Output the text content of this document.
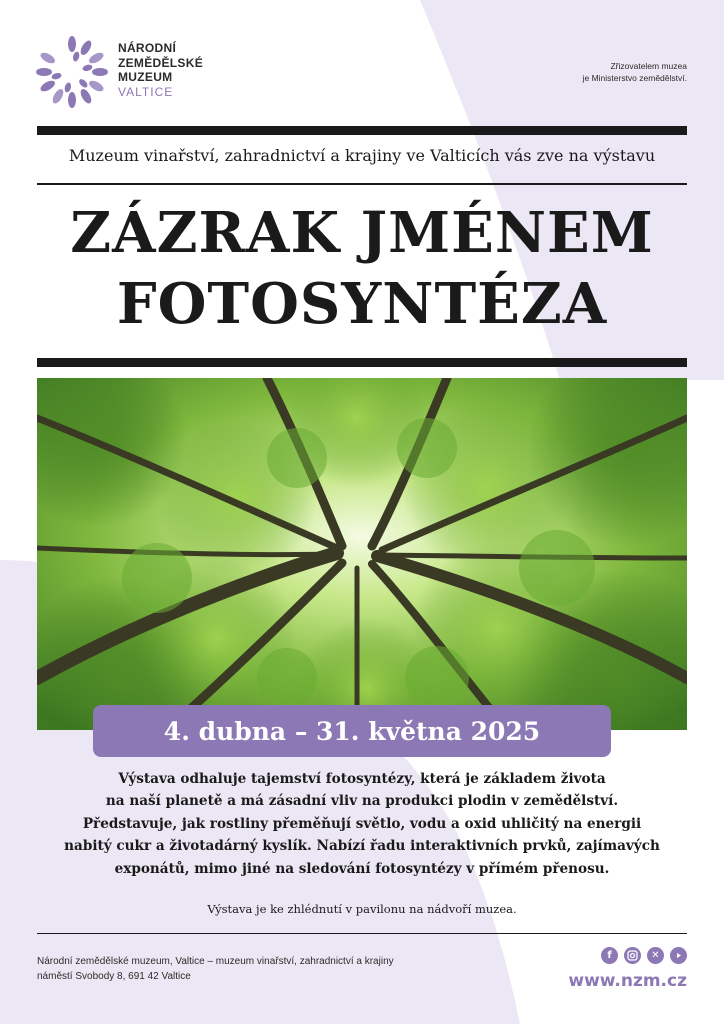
NÁRODNÍ
ZEMĚDĚLSKÉ
MUZEUM
VALTICE
Zřizovatelem muzea
je Ministerstvo zemědělství.
Muzeum vinařství, zahradnictví a krajiny ve Valticích vás zve na výstavu
ZÁZRAK JMÉNEM
FOTOSYNTÉZA
4. dubna – 31. května 2025
Výstava odhaluje tajemství fotosyntézy, která je základem života
na naší planetě a má zásadní vliv na produkci plodin v zemědělství.
Představuje, jak rostliny přeměňují světlo, vodu a oxid uhličitý na energii
nabitý cukr a životadárný kyslík. Nabízí řadu interaktivních prvků, zajímavých
exponátů, mimo jiné na sledování fotosyntézy v přímém přenosu.
Výstava je ke zhlédnutí v pavilonu na nádvoří muzea.
Národní zemědělské muzeum, Valtice – muzeum vinařství, zahradnictví a krajiny
náměstí Svobody 8, 691 42 Valtice
f	✕
www.nzm.cz
